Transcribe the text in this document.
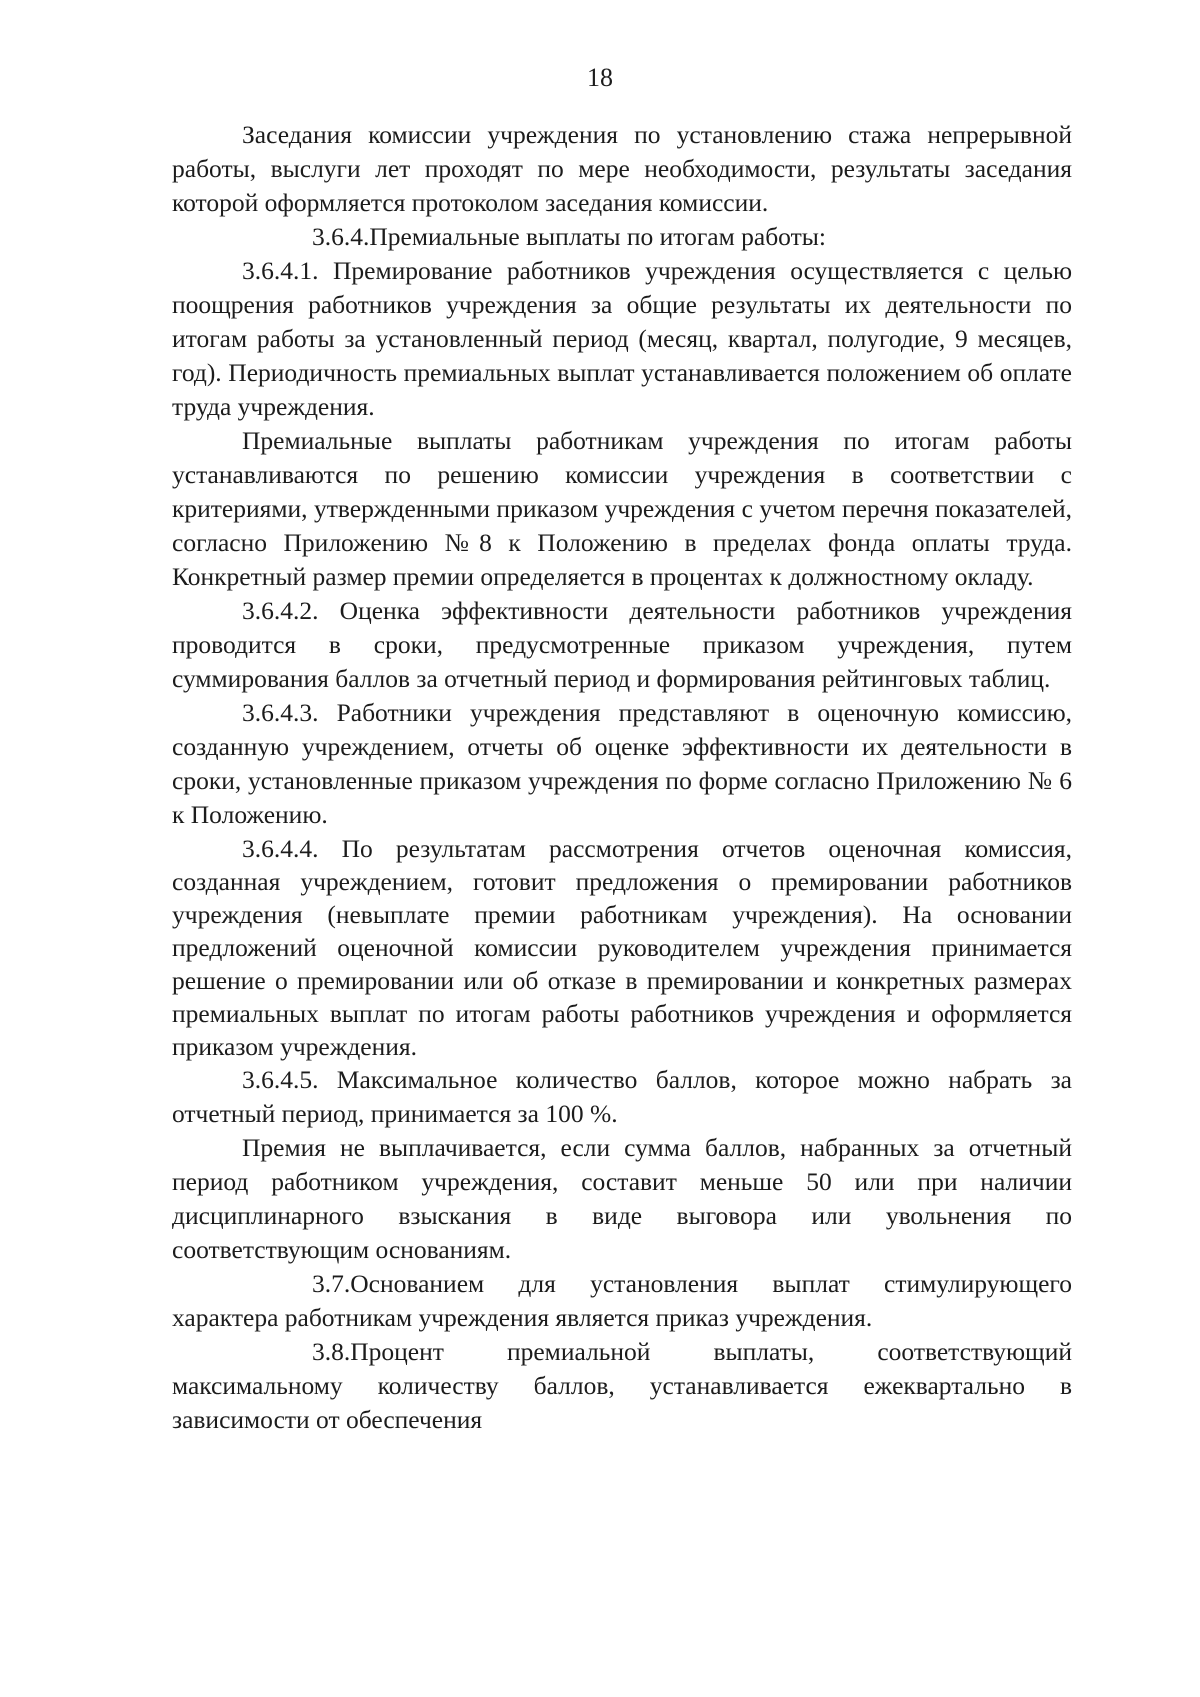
18

Заседания комиссии учреждения по установлению стажа непрерывной работы, выслуги лет проходят по мере необходимости, результаты заседания которой оформляется протоколом заседания комиссии.

3.6.4.Премиальные выплаты по итогам работы:

3.6.4.1. Премирование работников учреждения осуществляется с целью поощрения работников учреждения за общие результаты их деятельности по итогам работы за установленный период (месяц, квартал, полугодие, 9 месяцев, год). Периодичность премиальных выплат устанавливается положением об оплате труда учреждения.

Премиальные выплаты работникам учреждения по итогам работы устанавливаются по решению комиссии учреждения в соответствии с критериями, утвержденными приказом учреждения с учетом перечня показателей, согласно Приложению №8 к Положению в пределах фонда оплаты труда. Конкретный размер премии определяется в процентах к должностному окладу.

3.6.4.2. Оценка эффективности деятельности работников учреждения проводится в сроки, предусмотренные приказом учреждения, путем суммирования баллов за отчетный период и формирования рейтинговых таблиц.

3.6.4.3. Работники учреждения представляют в оценочную комиссию, созданную учреждением, отчеты об оценке эффективности их деятельности в сроки, установленные приказом учреждения по форме согласно Приложению № 6 к Положению.

3.6.4.4. По результатам рассмотрения отчетов оценочная комиссия, созданная учреждением, готовит предложения о премировании работников учреждения (невыплате премии работникам учреждения). На основании предложений оценочной комиссии руководителем учреждения принимается решение о премировании или об отказе в премировании и конкретных размерах премиальных выплат по итогам работы работников учреждения и оформляется приказом учреждения.

3.6.4.5. Максимальное количество баллов, которое можно набрать за отчетный период, принимается за 100 %.

Премия не выплачивается, если сумма баллов, набранных за отчетный период работником учреждения, составит меньше 50 или при наличии дисциплинарного взыскания в виде выговора или увольнения по соответствующим основаниям.

3.7.Основанием для установления выплат стимулирующего характера работникам учреждения является приказ учреждения.

3.8.Процент премиальной выплаты, соответствующий максимальному количеству баллов, устанавливается ежеквартально в зависимости от обеспечения
